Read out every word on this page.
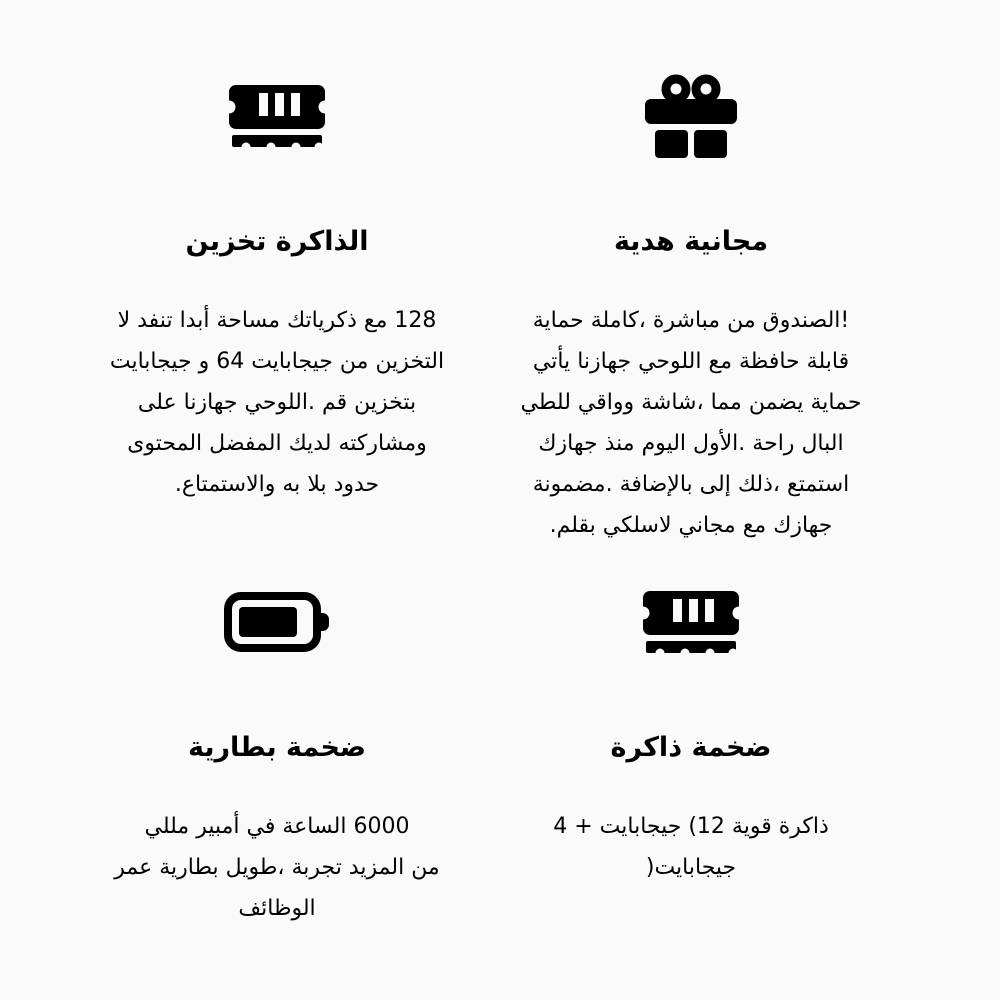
تخزين الذاكرة
لا تنفد أبدا مساحة ذكرياتك مع 128
جيجابايت و 64 جيجابايت من التخزين
على جهازنا اللوحي. قم بتخزين
المحتوى المفضل لديك ومشاركته
.والاستمتاع به بلا حدود
هدية مجانية
حماية كاملة، مباشرة من الصندوق!
يأتي جهازنا اللوحي مع حافظة قابلة
للطي وواقي شاشة، مما يضمن حماية
جهازك منذ اليوم الأول. راحة البال
مضمونة. بالإضافة إلى ذلك، استمتع
.بقلم لاسلكي مجاني مع جهازك
بطارية ضخمة
مللي أمبير في الساعة 6000
عمر بطارية طويل، تجربة المزيد من
الوظائف
ذاكرة ضخمة
4 + جيجابايت (12 قوية ذاكرة
)جيجابايت
